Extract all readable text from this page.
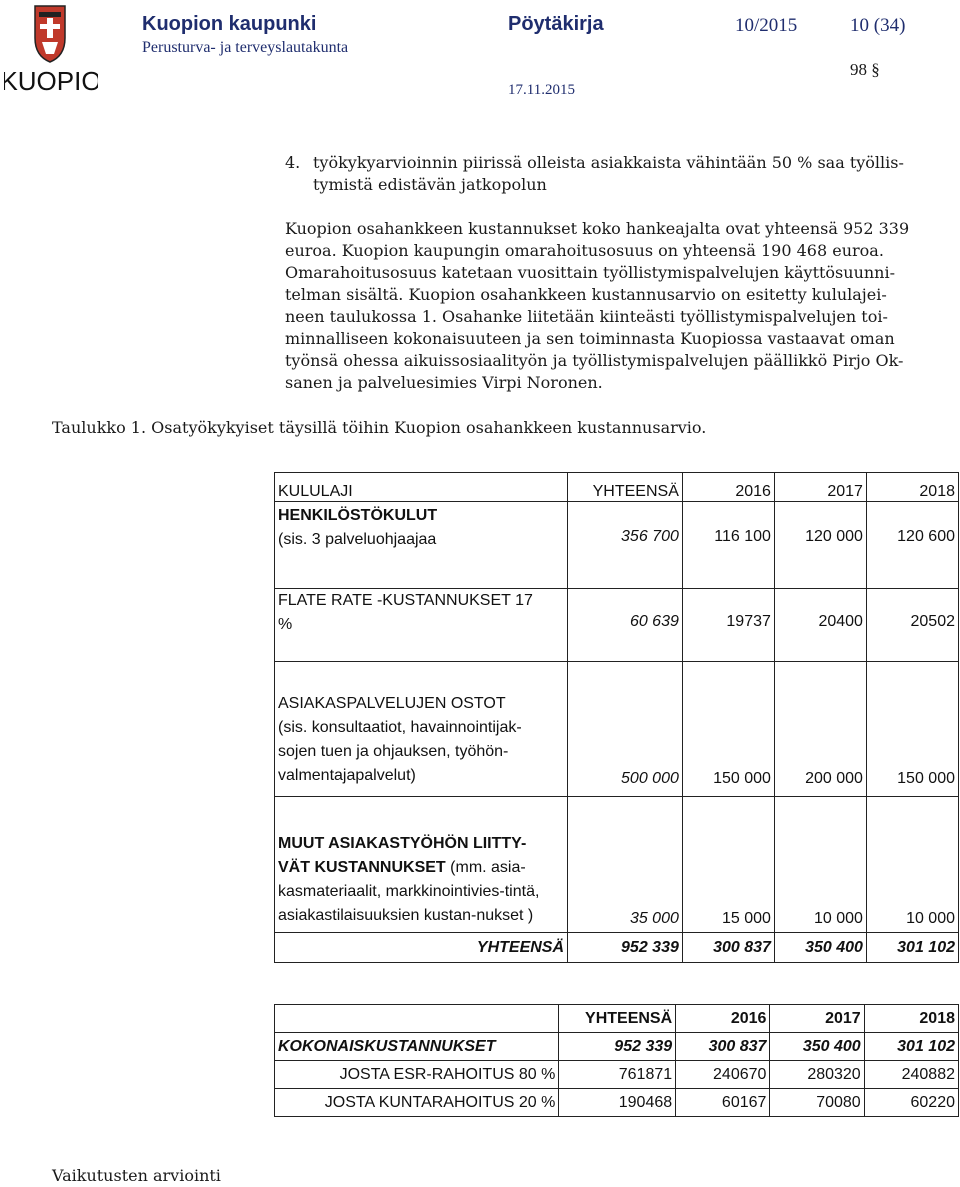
KUOPIO
Kuopion kaupunki
Perusturva- ja terveyslautakunta
Pöytäkirja	10/2015	10 (34)
98 §
17.11.2015
4. työkykyarvioinnin piirissä olleista asiakkaista vähintään 50 % saa työllis-
tymistä edistävän jatkopolun
Kuopion osahankkeen kustannukset koko hankeajalta ovat yhteensä 952 339
euroa. Kuopion kaupungin omarahoitusosuus on yhteensä 190 468 euroa.
Omarahoitusosuus katetaan vuosittain työllistymispalvelujen käyttösuunni-
telman sisältä. Kuopion osahankkeen kustannusarvio on esitetty kululajei-
neen taulukossa 1. Osahanke liitetään kiinteästi työllistymispalvelujen toi-
minnalliseen kokonaisuuteen ja sen toiminnasta Kuopiossa vastaavat oman
työnsä ohessa aikuissosiaalityön ja työllistymispalvelujen päällikkö Pirjo Ok-
sanen ja palveluesimies Virpi Noronen.
Taulukko 1. Osatyökykyiset täysillä töihin Kuopion osahankkeen kustannusarvio.
KULULAJI	YHTEENSÄ	2016	2017	2018

HENKILÖSTÖKULUT
(sis. 3 palveluohjaajaa	356 700	116 100	120 000	120 600

FLATE RATE -KUSTANNUKSET 17 %	60 639	19737	20400	20502

ASIAKASPALVELUJEN OSTOT
(sis. konsultaatiot, havainnointijak-sojen tuen ja ohjauksen, työhön-valmentajapalvelut)	500 000	150 000	200 000	150 000

MUUT ASIAKASTYÖHÖN LIITTY-VÄT KUSTANNUKSET (mm. asia-kasmateriaalit, markkinointivies-tintä, asiakastilaisuuksien kustan-nukset )	35 000	15 000	10 000	10 000
YHTEENSÄ	952 339	300 837	350 400	301 102
	YHTEENSÄ	2016	2017	2018
KOKONAISKUSTANNUKSET	952 339	300 837	350 400	301 102
JOSTA ESR-RAHOITUS 80 %	761871	240670	280320	240882
JOSTA KUNTARAHOITUS 20 %	190468	60167	70080	60220
Vaikutusten arviointi
